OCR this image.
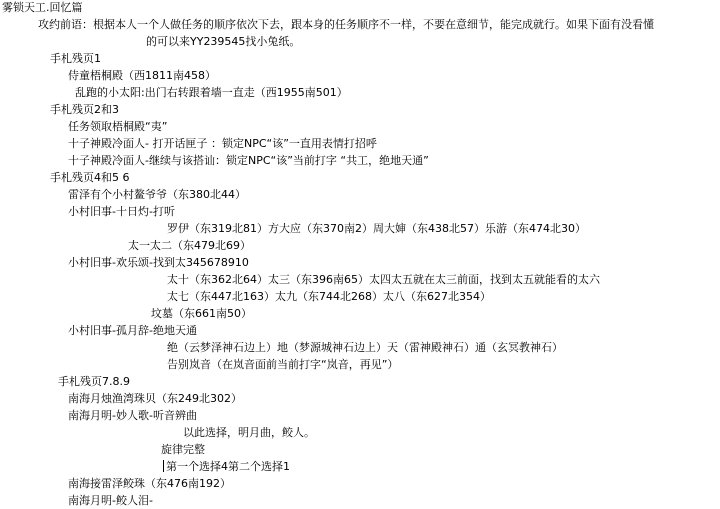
雾锁天工.回忆篇
攻约前语：根据本人一个人做任务的顺序依次下去，跟本身的任务顺序不一样，不要在意细节，能完成就行。如果下面有没看懂
的可以来YY239545找小兔纸。
手札残页1
侍童梧桐殿（西1811南458）
乱跑的小太阳:出门右转跟着墙一直走（西1955南501）
手札残页2和3
任务领取梧桐殿“夷”
十子神殿冷面人- 打开话匣子 ：锁定NPC“该”一直用表情打招呼
十子神殿冷面人-继续与该搭讪：锁定NPC“该”当前打字 “共工，绝地天通”
手札残页4和5 6
雷泽有个小村鳌爷爷（东380北44）
小村旧事-十日灼-打听
罗伊（东319北81）方大应（东370南2）周大婶（东438北57）乐游（东474北30）
太一太二（东479北69）
小村旧事-欢乐颂-找到太345678910
太十（东362北64）太三（东396南65）太四太五就在太三前面，找到太五就能看的太六
太七（东447北163）太九（东744北268）太八（东627北354）
坟墓（东661南50）
小村旧事-孤月辞-绝地天通
绝（云梦泽神石边上）地（梦源城神石边上）天（雷神殿神石）通（玄冥教神石）
告别岚音（在岚音面前当前打字“岚音，再见”）
手札残页7.8.9
南海月烛渔湾珠贝（东249北302）
南海月明-妙人歌-听音辨曲
以此选择，明月曲，鲛人。
旋律完整
第一个选择4第二个选择1
南海接雷泽鲛珠（东476南192）
南海月明-鲛人泪-
